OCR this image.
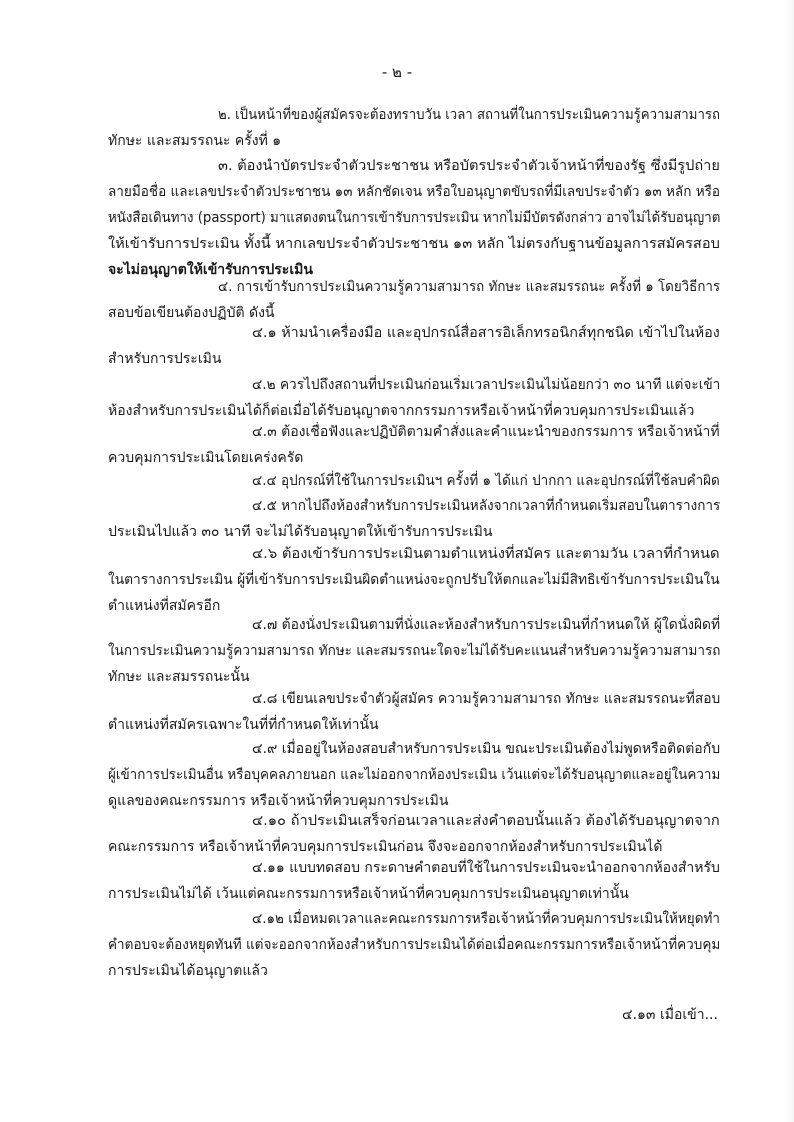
- ๒ -
๒. เป็นหน้าที่ของผู้สมัครจะต้องทราบวัน เวลา สถานที่ในการประเมินความรู้ความสามารถ
ทักษะ และสมรรถนะ ครั้งที่ ๑
๓. ต้องนำบัตรประจำตัวประชาชน หรือบัตรประจำตัวเจ้าหน้าที่ของรัฐ ซึ่งมีรูปถ่าย
ลายมือชื่อ และเลขประจำตัวประชาชน ๑๓ หลักชัดเจน หรือใบอนุญาตขับรถที่มีเลขประจำตัว ๑๓ หลัก หรือ
หนังสือเดินทาง (passport) มาแสดงตนในการเข้ารับการประเมิน หากไม่มีบัตรดังกล่าว อาจไม่ได้รับอนุญาต
ให้เข้ารับการประเมิน ทั้งนี้ หากเลขประจำตัวประชาชน ๑๓ หลัก ไม่ตรงกับฐานข้อมูลการสมัครสอบ
จะไม่อนุญาตให้เข้ารับการประเมิน
๔. การเข้ารับการประเมินความรู้ความสามารถ ทักษะ และสมรรถนะ ครั้งที่ ๑ โดยวิธีการ
สอบข้อเขียนต้องปฏิบัติ ดังนี้
๔.๑ ห้ามนำเครื่องมือ และอุปกรณ์สื่อสารอิเล็กทรอนิกส์ทุกชนิด เข้าไปในห้อง
สำหรับการประเมิน
๔.๒ ควรไปถึงสถานที่ประเมินก่อนเริ่มเวลาประเมินไม่น้อยกว่า ๓๐ นาที แต่จะเข้า
ห้องสำหรับการประเมินได้ก็ต่อเมื่อได้รับอนุญาตจากกรรมการหรือเจ้าหน้าที่ควบคุมการประเมินแล้ว
๔.๓ ต้องเชื่อฟังและปฏิบัติตามคำสั่งและคำแนะนำของกรรมการ หรือเจ้าหน้าที่
ควบคุมการประเมินโดยเคร่งครัด
๔.๔ อุปกรณ์ที่ใช้ในการประเมินฯ ครั้งที่ ๑ ได้แก่ ปากกา และอุปกรณ์ที่ใช้ลบคำผิด
๔.๕ หากไปถึงห้องสำหรับการประเมินหลังจากเวลาที่กำหนดเริ่มสอบในตารางการ
ประเมินไปแล้ว ๓๐ นาที จะไม่ได้รับอนุญาตให้เข้ารับการประเมิน
๔.๖ ต้องเข้ารับการประเมินตามตำแหน่งที่สมัคร และตามวัน เวลาที่กำหนด
ในตารางการประเมิน ผู้ที่เข้ารับการประเมินผิดตำแหน่งจะถูกปรับให้ตกและไม่มีสิทธิเข้ารับการประเมินใน
ตำแหน่งที่สมัครอีก
๔.๗ ต้องนั่งประเมินตามที่นั่งและห้องสำหรับการประเมินที่กำหนดให้ ผู้ใดนั่งผิดที่
ในการประเมินความรู้ความสามารถ ทักษะ และสมรรถนะใดจะไม่ได้รับคะแนนสำหรับความรู้ความสามารถ
ทักษะ และสมรรถนะนั้น
๔.๘ เขียนเลขประจำตัวผู้สมัคร ความรู้ความสามารถ ทักษะ และสมรรถนะที่สอบ
ตำแหน่งที่สมัครเฉพาะในที่ที่กำหนดให้เท่านั้น
๔.๙ เมื่ออยู่ในห้องสอบสำหรับการประเมิน ขณะประเมินต้องไม่พูดหรือติดต่อกับ
ผู้เข้าการประเมินอื่น หรือบุคคลภายนอก และไม่ออกจากห้องประเมิน เว้นแต่จะได้รับอนุญาตและอยู่ในความ
ดูแลของคณะกรรมการ หรือเจ้าหน้าที่ควบคุมการประเมิน
๔.๑๐ ถ้าประเมินเสร็จก่อนเวลาและส่งคำตอบนั้นแล้ว ต้องได้รับอนุญาตจาก
คณะกรรมการ หรือเจ้าหน้าที่ควบคุมการประเมินก่อน จึงจะออกจากห้องสำหรับการประเมินได้
๔.๑๑ แบบทดสอบ กระดาษคำตอบที่ใช้ในการประเมินจะนำออกจากห้องสำหรับ
การประเมินไม่ได้ เว้นแต่คณะกรรมการหรือเจ้าหน้าที่ควบคุมการประเมินอนุญาตเท่านั้น
๔.๑๒ เมื่อหมดเวลาและคณะกรรมการหรือเจ้าหน้าที่ควบคุมการประเมินให้หยุดทำ
คำตอบจะต้องหยุดทันที แต่จะออกจากห้องสำหรับการประเมินได้ต่อเมื่อคณะกรรมการหรือเจ้าหน้าที่ควบคุม
การประเมินได้อนุญาตแล้ว
๔.๑๓ เมื่อเข้า...
